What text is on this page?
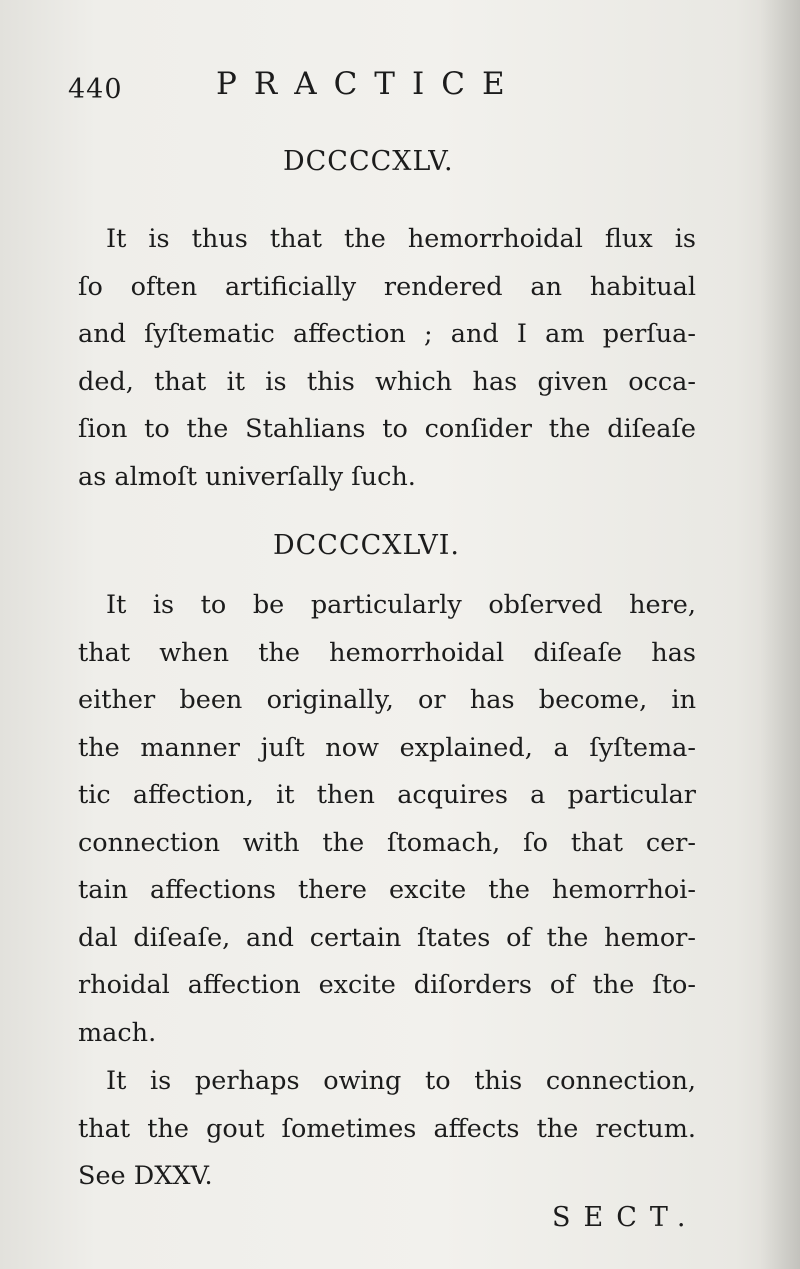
440	PRACTICE
DCCCCXLV.

It is thus that the hemorrhoidal flux is
ſo often artificially rendered an habitual
and ſyſtematic affection ; and I am perſua-
ded, that it is this which has given occa-
ſion to the Stahlians to conſider the diſeaſe
as almoſt univerſally ſuch.

DCCCCXLVI.

It is to be particularly obſerved here,
that when the hemorrhoidal diſeaſe has
either been originally, or has become, in
the manner juſt now explained, a ſyſtema-
tic affection, it then acquires a particular
connection with the ſtomach, ſo that cer-
tain affections there excite the hemorrhoi-
dal diſeaſe, and certain ſtates of the hemor-
rhoidal affection excite diſorders of the ſto-
mach.

It is perhaps owing to this connection,
that the gout ſometimes affects the rectum.
See DXXV.

SECT.
